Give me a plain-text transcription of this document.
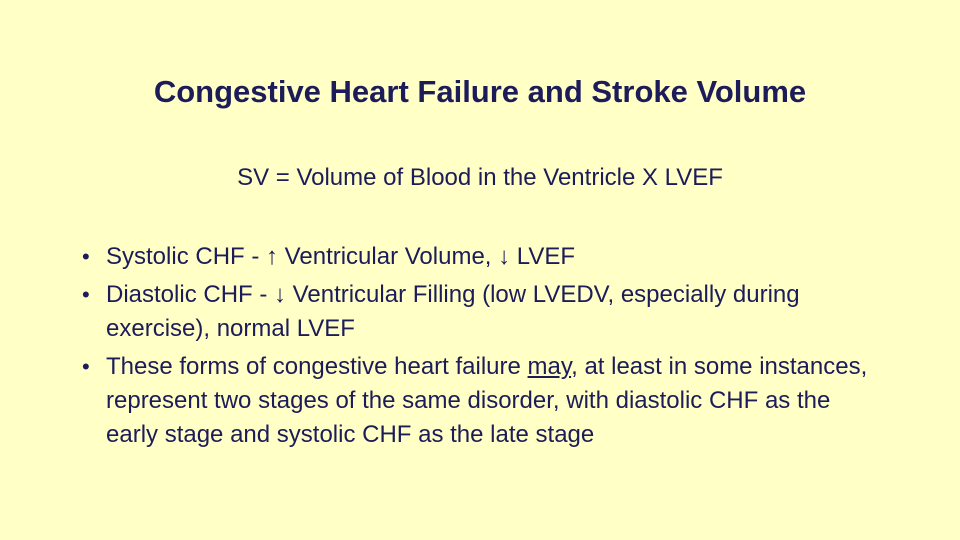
Congestive Heart Failure and Stroke Volume
SV = Volume of Blood in the Ventricle X LVEF
• Systolic CHF - ↑ Ventricular Volume, ↓ LVEF
• Diastolic CHF - ↓ Ventricular Filling (low LVEDV, especially during exercise), normal LVEF
• These forms of congestive heart failure may, at least in some instances, represent two stages of the same disorder, with diastolic CHF as the early stage and systolic CHF as the late stage
